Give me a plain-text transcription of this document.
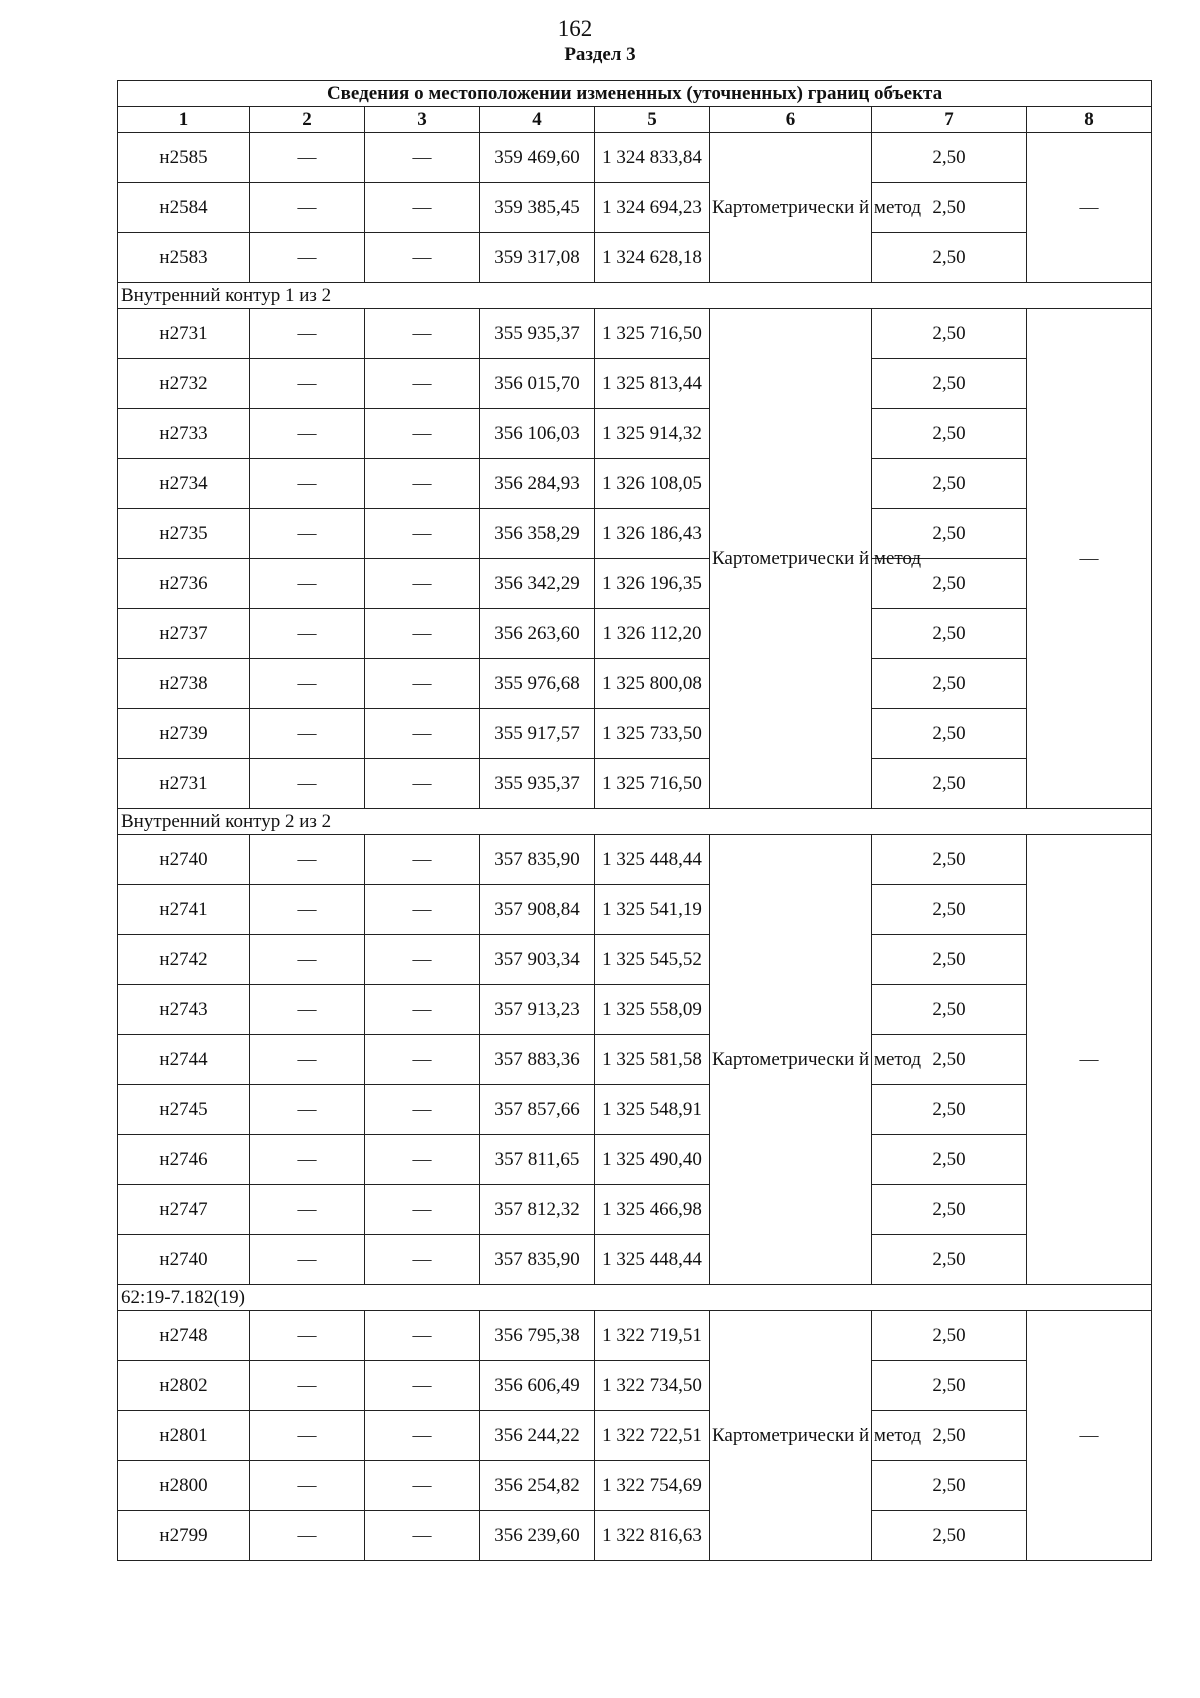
162
Раздел 3
Сведения о местоположении измененных (уточненных) границ объекта							
1	2	3	4	5	6	7	8
н2585	—	—	359 469,60	1 324 833,84	Картометрически й метод	2,50	—
н2584	—	—	359 385,45	1 324 694,23		2,50	
н2583	—	—	359 317,08	1 324 628,18		2,50	
Внутренний контур 1 из 2							
н2731	—	—	355 935,37	1 325 716,50	Картометрически й метод	2,50	—
н2732	—	—	356 015,70	1 325 813,44		2,50	
н2733	—	—	356 106,03	1 325 914,32		2,50	
н2734	—	—	356 284,93	1 326 108,05		2,50	
н2735	—	—	356 358,29	1 326 186,43		2,50	
н2736	—	—	356 342,29	1 326 196,35		2,50	
н2737	—	—	356 263,60	1 326 112,20		2,50	
н2738	—	—	355 976,68	1 325 800,08		2,50	
н2739	—	—	355 917,57	1 325 733,50		2,50	
н2731	—	—	355 935,37	1 325 716,50		2,50	
Внутренний контур 2 из 2							
н2740	—	—	357 835,90	1 325 448,44	Картометрически й метод	2,50	—
н2741	—	—	357 908,84	1 325 541,19		2,50	
н2742	—	—	357 903,34	1 325 545,52		2,50	
н2743	—	—	357 913,23	1 325 558,09		2,50	
н2744	—	—	357 883,36	1 325 581,58		2,50	
н2745	—	—	357 857,66	1 325 548,91		2,50	
н2746	—	—	357 811,65	1 325 490,40		2,50	
н2747	—	—	357 812,32	1 325 466,98		2,50	
н2740	—	—	357 835,90	1 325 448,44		2,50	
62:19-7.182(19)							
н2748	—	—	356 795,38	1 322 719,51	Картометрически й метод	2,50	—
н2802	—	—	356 606,49	1 322 734,50		2,50	
н2801	—	—	356 244,22	1 322 722,51		2,50	
н2800	—	—	356 254,82	1 322 754,69		2,50	
н2799	—	—	356 239,60	1 322 816,63		2,50	
